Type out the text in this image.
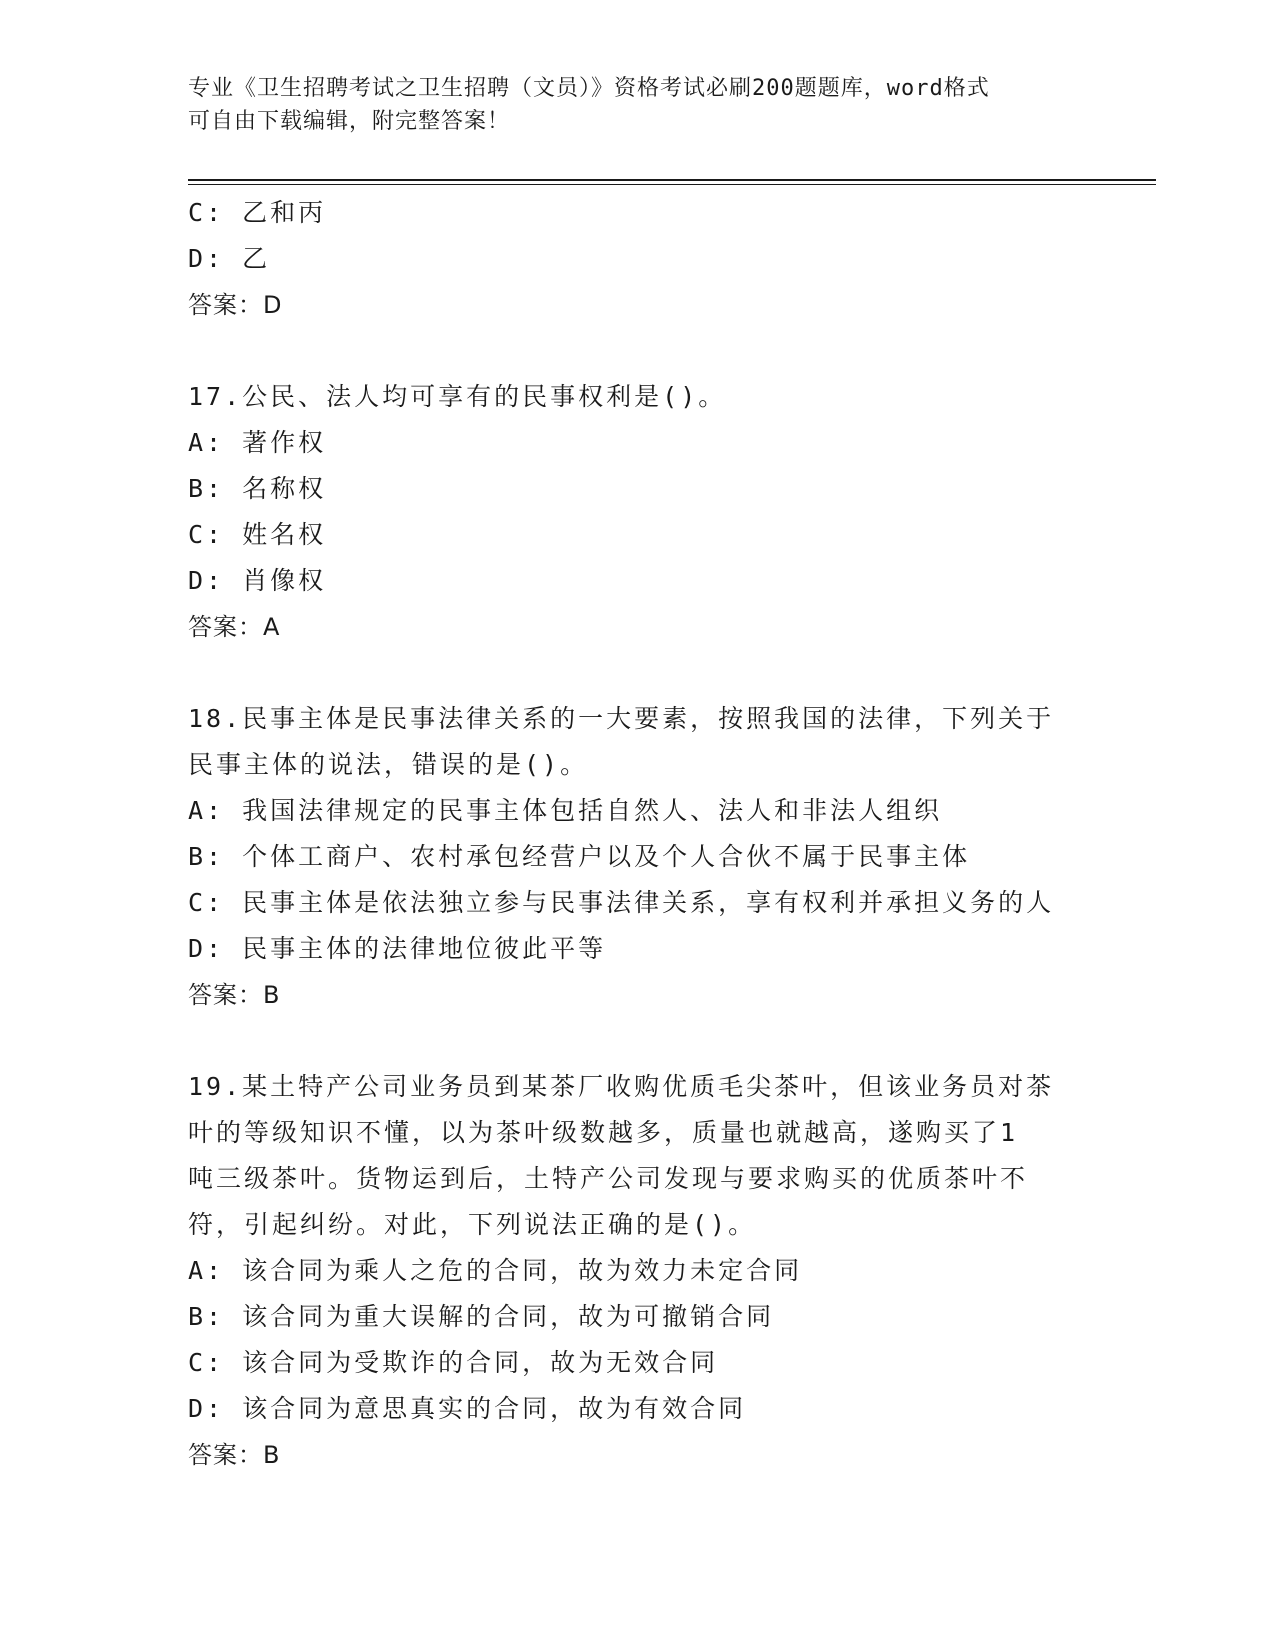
专业《卫生招聘考试之卫生招聘（文员）》资格考试必刷200题题库，word格式
可自由下载编辑，附完整答案！
C: 乙和丙
D: 乙
答案：D
17.公民、法人均可享有的民事权利是()。
A: 著作权
B: 名称权
C: 姓名权
D: 肖像权
答案：A
18.民事主体是民事法律关系的一大要素，按照我国的法律，下列关于
民事主体的说法，错误的是()。
A: 我国法律规定的民事主体包括自然人、法人和非法人组织
B: 个体工商户、农村承包经营户以及个人合伙不属于民事主体
C: 民事主体是依法独立参与民事法律关系，享有权利并承担义务的人
D: 民事主体的法律地位彼此平等
答案：B
19.某土特产公司业务员到某茶厂收购优质毛尖茶叶，但该业务员对茶
叶的等级知识不懂，以为茶叶级数越多，质量也就越高，遂购买了1
吨三级茶叶。货物运到后，土特产公司发现与要求购买的优质茶叶不
符，引起纠纷。对此，下列说法正确的是()。
A: 该合同为乘人之危的合同，故为效力未定合同
B: 该合同为重大误解的合同，故为可撤销合同
C: 该合同为受欺诈的合同，故为无效合同
D: 该合同为意思真实的合同，故为有效合同
答案：B
